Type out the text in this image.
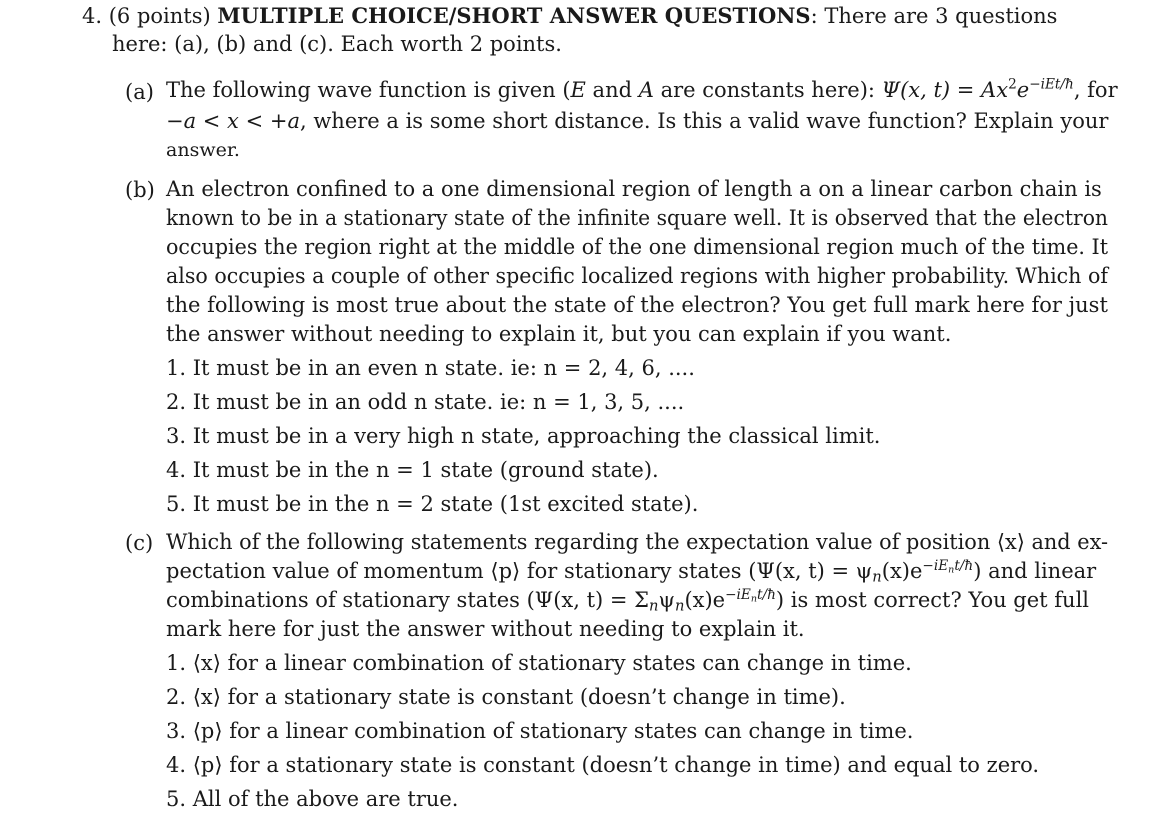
4. (6 points) MULTIPLE CHOICE/SHORT ANSWER QUESTIONS: There are 3 questions
here: (a), (b) and (c). Each worth 2 points.
(a) The following wave function is given (E and A are constants here): Ψ(x, $t) = Ax^2e^{-iEt/ħ}$, for
−a < x < +a, where a is some short distance. Is this a valid wave function? Explain your
answer.
(b) An electron confined to a one dimensional region of length a on a linear carbon chain is
known to be in a stationary state of the infinite square well. It is observed that the electron
occupies the region right at the middle of the one dimensional region much of the time. It
also occupies a couple of other specific localized regions with higher probability. Which of
the following is most true about the state of the electron? You get full mark here for just
the answer without needing to explain it, but you can explain if you want.
1. It must be in an even n state. ie: n = 2, 4, 6, ....
2. It must be in an odd n state. ie: n = 1, 3, 5, ....
3. It must be in a very high n state, approaching the classical limit.
4. It must be in the n = 1 state (ground state).
5. It must be in the n = 2 state (1st excited state).
(c) Which of the following statements regarding the expectation value of position ⟨x⟩ and ex-
pectation value of momentum ⟨p⟩ for stationary states (Ψ(x, $t) = \psi_n(x)e^{-iE_nt/ħ}$) and linear
combinations of stationary states (Ψ(x, $t) = \Sigma_n\psi_n(x)e^{-iE_nt/ħ}$) is most correct? You get full
mark here for just the answer without needing to explain it.
1. ⟨x⟩ for a linear combination of stationary states can change in time.
2. ⟨x⟩ for a stationary state is constant (doesn’t change in time).
3. ⟨p⟩ for a linear combination of stationary states can change in time.
4. ⟨p⟩ for a stationary state is constant (doesn’t change in time) and equal to zero.
5. All of the above are true.
